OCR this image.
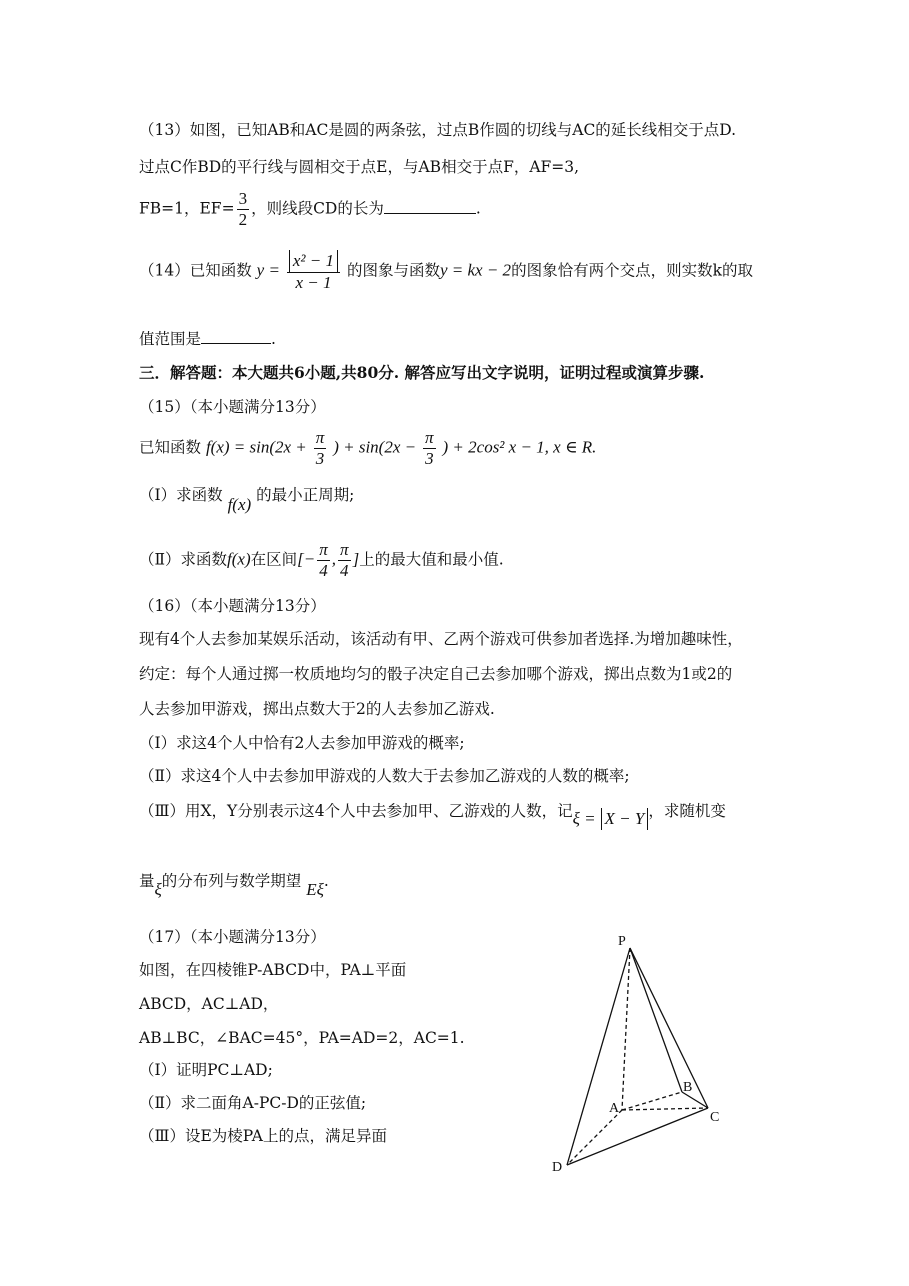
（13）如图，已知AB和AC是圆的两条弦，过点B作圆的切线与AC的延长线相交于点D.
过点C作BD的平行线与圆相交于点E，与AB相交于点F，AF=3,
FB=1，$EF= \frac{3}{2}$ ，则线段CD的长为	.
（14）已知函数 $y = \frac{\text{x² − 1}}{x - 1}$ 的图象与函数y = kx − 2的图象恰有两个交点，则实数k的取
值范围是	.
三．解答题：本大题共6小题,共80分. 解答应写出文字说明，证明过程或演算步骤.
（15）（本小题满分13分）
已知函数 $f(x) = \sin(2x + \frac{\pi}{3}$ ) + $\sin(2x - \frac{\pi}{3}$ ) + 2cos² x − 1, x ∈ R.
（Ⅰ）求函数 f(x) 的最小正周期;
（Ⅱ）求函数f(x)在区间[− $\frac{\pi}{4}$ , $\frac{\pi}{4}$ ]上的最大值和最小值.
（16）（本小题满分13分）
现有4个人去参加某娱乐活动，该活动有甲、乙两个游戏可供参加者选择.为增加趣味性，
约定：每个人通过掷一枚质地均匀的骰子决定自己去参加哪个游戏，掷出点数为1或2的
人去参加甲游戏，掷出点数大于2的人去参加乙游戏.
（Ⅰ）求这4个人中恰有2人去参加甲游戏的概率;
（Ⅱ）求这4个人中去参加甲游戏的人数大于去参加乙游戏的人数的概率;
（Ⅲ）用X，Y分别表示这4个人中去参加甲、乙游戏的人数，记ξ = X − Y ，求随机变
量ξ的分布列与数学期望 Eξ.
（17）（本小题满分13分）
如图，在四棱锥P-ABCD中，PA⊥平面
ABCD，AC⊥AD，
AB⊥BC，∠BAC=45°，PA=AD=2，AC=1.
（Ⅰ）证明PC⊥AD;
（Ⅱ）求二面角A-PC-D的正弦值;
（Ⅲ）设E为棱PA上的点，满足异面
P
A
B
C
D
